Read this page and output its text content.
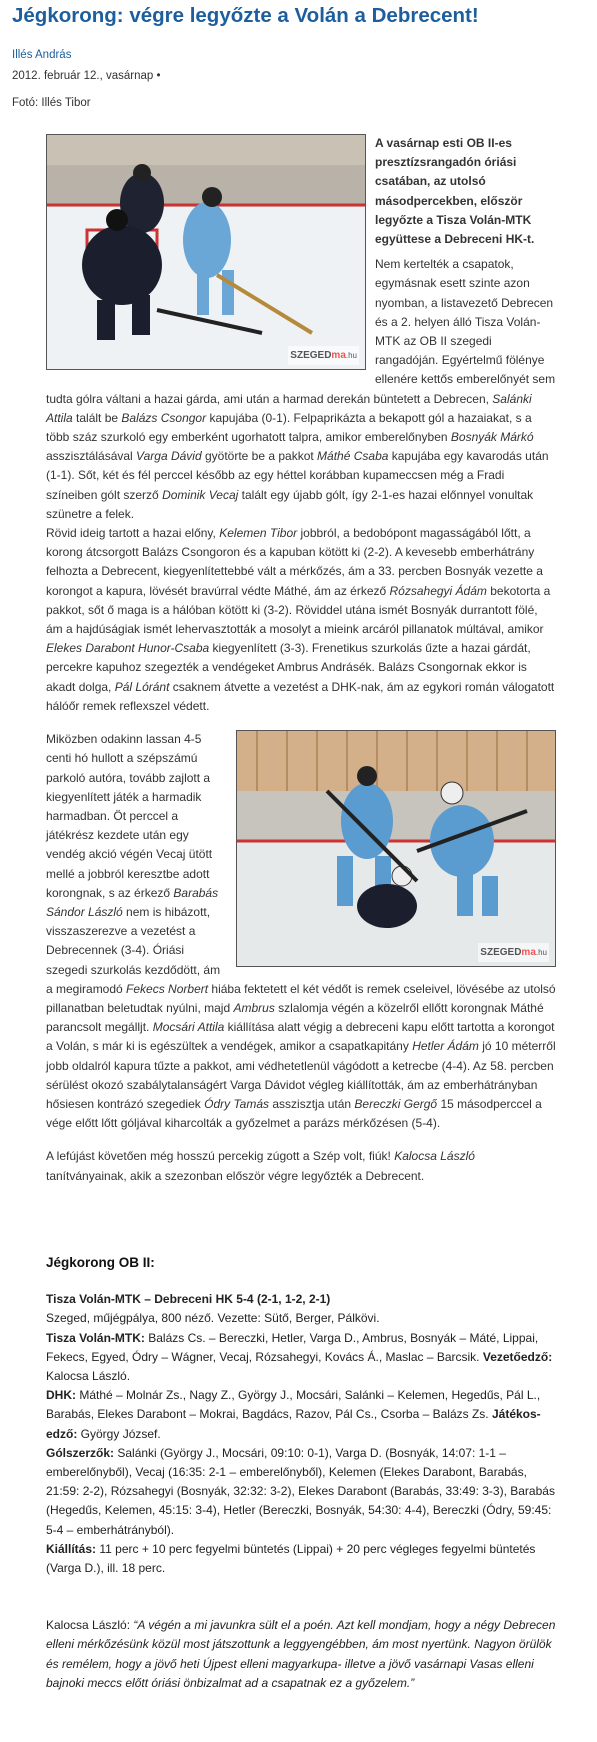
Jégkorong: végre legyőzte a Volán a Debrecent!
Illés András
2012. február 12., vasárnap •
Fotó: Illés Tibor
SZEGEDma.hu

A vasárnap esti OB II-es presztízsrangadón óriási csatában, az utolsó másodpercekben, először legyőzte a Tisza Volán-MTK együttese a Debreceni HK-t.

Nem kertelték a csapatok, egymásnak esett szinte azon nyomban, a listavezető Debrecen és a 2. helyen álló Tisza Volán-MTK az OB II szegedi rangadóján. Egyértelmű fölénye ellenére kettős emberelőnyét sem tudta gólra váltani a hazai gárda, ami után a harmad derekán büntetett a Debrecen, Salánki Attila talált be Balázs Csongor kapujába (0-1). Felpaprikázta a bekapott gól a hazaiakat, s a több száz szurkoló egy emberként ugorhatott talpra, amikor emberelőnyben Bosnyák Márkó asszisztálásával Varga Dávid gyötörte be a pakkot Máthé Csaba kapujába egy kavarodás után (1-1). Sőt, két és fél perccel később az egy héttel korábban kupameccsen még a Fradi színeiben gólt szerző Dominik Vecaj talált egy újabb gólt, így 2-1-es hazai előnnyel vonultak szünetre a felek.

Rövid ideig tartott a hazai előny, Kelemen Tibor jobbról, a bedobópont magasságából lőtt, a korong átcsorgott Balázs Csongoron és a kapuban kötött ki (2-2). A kevesebb emberhátrány felhozta a Debrecent, kiegyenlítettebbé vált a mérkőzés, ám a 33. percben Bosnyák vezette a korongot a kapura, lövését bravúrral védte Máthé, ám az érkező Rózsahegyi Ádám bekotorta a pakkot, sőt ő maga is a hálóban kötött ki (3-2). Röviddel utána ismét Bosnyák durrantott fölé, ám a hajdúságiak ismét lehervasztották a mosolyt a mieink arcáról pillanatok múltával, amikor Elekes Darabont Hunor-Csaba kiegyenlített (3-3). Frenetikus szurkolás űzte a hazai gárdát, percekre kapuhoz szegezték a vendégeket Ambrus Andrásék. Balázs Csongornak ekkor is akadt dolga, Pál Lóránt csaknem átvette a vezetést a DHK-nak, ám az egykori román válogatott hálóőr remek reflexszel védett.

SZEGEDma.hu

Miközben odakinn lassan 4-5 centi hó hullott a szépszámú parkoló autóra, tovább zajlott a kiegyenlített játék a harmadik harmadban. Öt perccel a játékrész kezdete után egy vendég akció végén Vecaj ütött mellé a jobbról keresztbe adott korongnak, s az érkező Barabás Sándor László nem is hibázott, visszaszerezve a vezetést a Debrecennek (3-4). Óriási szegedi szurkolás kezdődött, ám a megiramodó Fekecs Norbert hiába fektetett el két védőt is remek cseleivel, lövésébe az utolsó pillanatban beletudtak nyúlni, majd Ambrus szlalomja végén a közelről ellőtt korongnak Máthé parancsolt megálljt. Mocsári Attila kiállítása alatt végig a debreceni kapu előtt tartotta a korongot a Volán, s már ki is egészültek a vendégek, amikor a csapatkapitány Hetler Ádám jó 10 méterről jobb oldalról kapura tűzte a pakkot, ami védhetetlenül vágódott a ketrecbe (4-4). Az 58. percben sérülést okozó szabálytalanságért Varga Dávidot végleg kiállították, ám az emberhátrányban hősiesen kontrázó szegediek Ódry Tamás asszisztja után Bereczki Gergő 15 másodperccel a vége előtt lőtt góljával kiharcolták a győzelmet a parázs mérkőzésen (5-4).

A lefújást követően még hosszú percekig zúgott a Szép volt, fiúk! Kalocsa László tanítványainak, akik a szezonban először végre legyőzték a Debrecent.

Jégkorong OB II:

Tisza Volán-MTK – Debreceni HK 5-4 (2-1, 1-2, 2-1)

Szeged, műjégpálya, 800 néző. Vezette: Sütő, Berger, Pálkövi.

Tisza Volán-MTK: Balázs Cs. – Bereczki, Hetler, Varga D., Ambrus, Bosnyák – Máté, Lippai, Fekecs, Egyed, Ódry – Wágner, Vecaj, Rózsahegyi, Kovács Á., Maslac – Barcsik. Vezetőedző: Kalocsa László.

DHK: Máthé – Molnár Zs., Nagy Z., György J., Mocsári, Salánki – Kelemen, Hegedűs, Pál L., Barabás, Elekes Darabont – Mokrai, Bagdács, Razov, Pál Cs., Csorba – Balázs Zs. Játékos-edző: György József.

Gólszerzők: Salánki (György J., Mocsári, 09:10: 0-1), Varga D. (Bosnyák, 14:07: 1-1 – emberelőnyből), Vecaj (16:35: 2-1 – emberelőnyből), Kelemen (Elekes Darabont, Barabás, 21:59: 2-2), Rózsahegyi (Bosnyák, 32:32: 3-2), Elekes Darabont (Barabás, 33:49: 3-3), Barabás (Hegedűs, Kelemen, 45:15: 3-4), Hetler (Bereczki, Bosnyák, 54:30: 4-4), Bereczki (Ódry, 59:45: 5-4 – emberhátrányból).

Kiállítás: 11 perc + 10 perc fegyelmi büntetés (Lippai) + 20 perc végleges fegyelmi büntetés (Varga D.), ill. 18 perc.

Kalocsa László: “A végén a mi javunkra sült el a poén. Azt kell mondjam, hogy a négy Debrecen elleni mérkőzésünk közül most játszottunk a leggyengébben, ám most nyertünk. Nagyon örülök és remélem, hogy a jövő heti Újpest elleni magyarkupa- illetve a jövő vasárnapi Vasas elleni bajnoki meccs előtt óriási önbizalmat ad a csapatnak ez a győzelem.”
